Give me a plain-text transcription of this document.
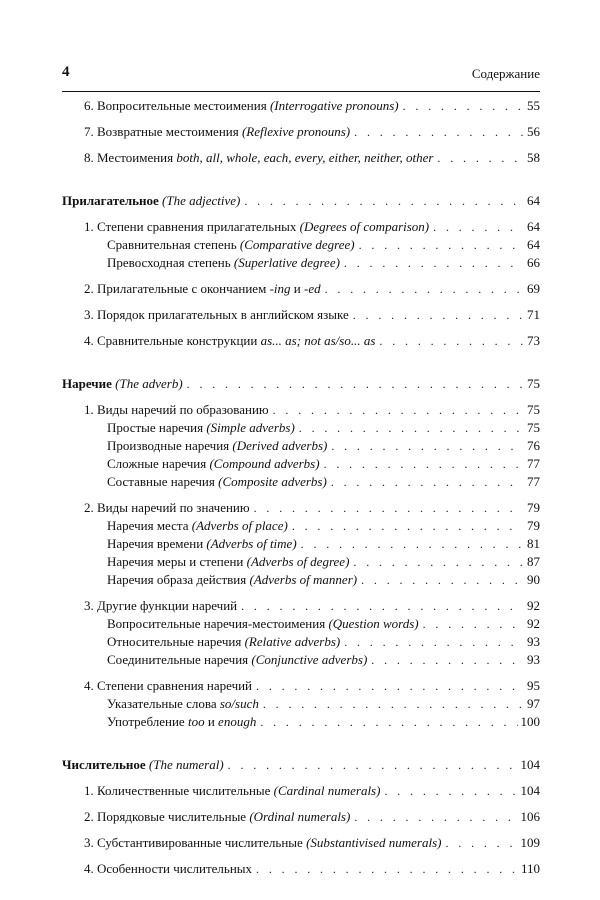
4	Содержание
6. Вопросительные местоимения (Interrogative pronouns) . . .	55
7. Возвратные местоимения (Reflexive pronouns) . . .	56
8. Местоимения both, all, whole, each, every, either, neither, other . . .	58
Прилагательное (The adjective) . . .	64
1. Степени сравнения прилагательных (Degrees of comparison) . . .	64
Сравнительная степень (Comparative degree) . . .	64
Превосходная степень (Superlative degree) . . .	66
2. Прилагательные с окончанием -ing и -ed . . .	69
3. Порядок прилагательных в английском языке . . .	71
4. Сравнительные конструкции as... as; not as/so... as . . .	73
Наречие (The adverb) . . .	75
1. Виды наречий по образованию . . .	75
Простые наречия (Simple adverbs) . . .	75
Производные наречия (Derived adverbs) . . .	76
Сложные наречия (Compound adverbs) . . .	77
Составные наречия (Composite adverbs) . . .	77
2. Виды наречий по значению . . .	79
Наречия места (Adverbs of place) . . .	79
Наречия времени (Adverbs of time) . . .	81
Наречия меры и степени (Adverbs of degree) . . .	87
Наречия образа действия (Adverbs of manner) . . .	90
3. Другие функции наречий . . .	92
Вопросительные наречия-местоимения (Question words) . . .	92
Относительные наречия (Relative adverbs) . . .	93
Соединительные наречия (Conjunctive adverbs) . . .	93
4. Степени сравнения наречий . . .	95
Указательные слова so/such . . .	97
Употребление too и enough . . .	100
Числительное (The numeral) . . .	104
1. Количественные числительные (Cardinal numerals) . . .	104
2. Порядковые числительные (Ordinal numerals) . . .	106
3. Субстантивированные числительные (Substantivised numerals) . . .	109
4. Особенности числительных . . .	110
